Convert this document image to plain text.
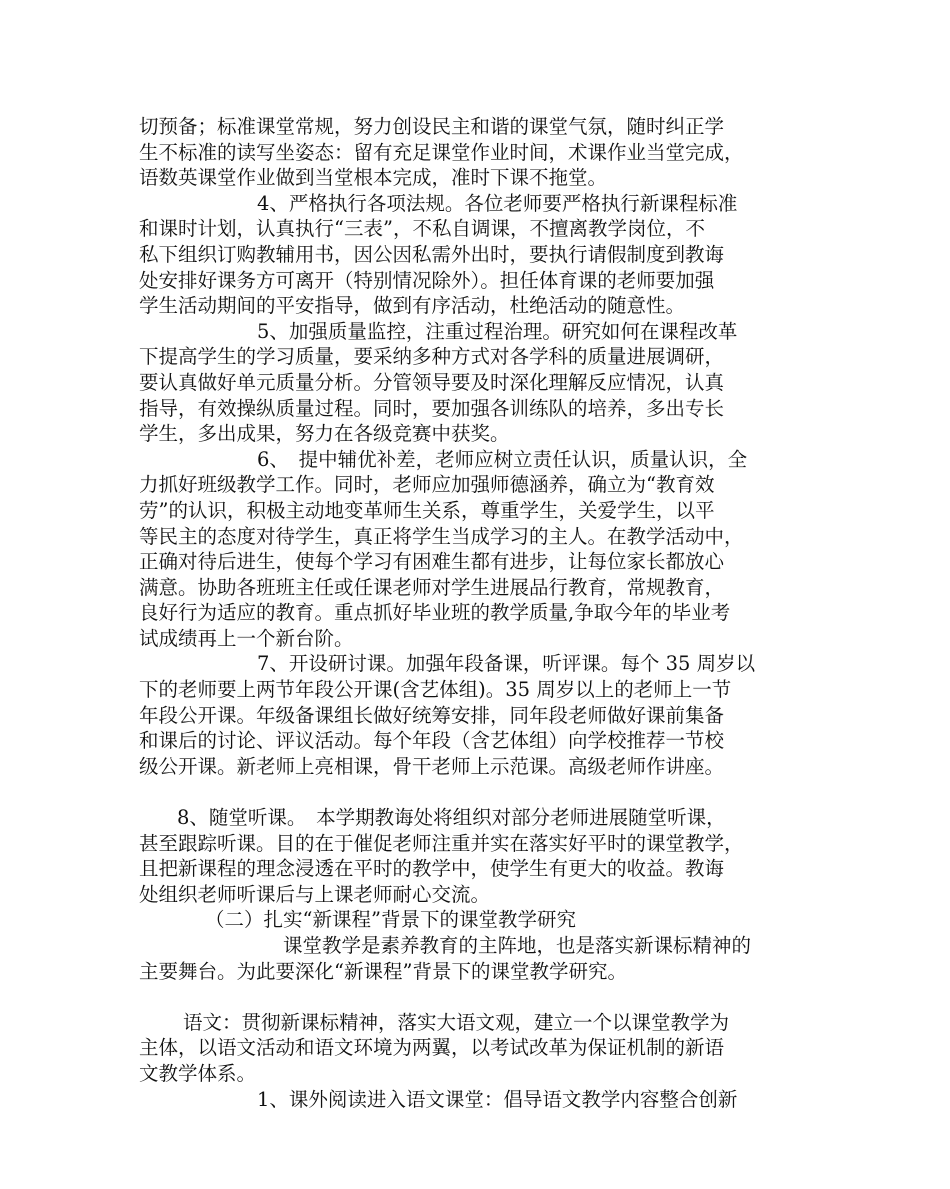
切预备；标准课堂常规，努力创设民主和谐的课堂气氛，随时纠正学
生不标准的读写坐姿态：留有充足课堂作业时间，术课作业当堂完成，
语数英课堂作业做到当堂根本完成，准时下课不拖堂。
4、严格执行各项法规。各位老师要严格执行新课程标准
和课时计划，认真执行“三表”，不私自调课，不擅离教学岗位，不
私下组织订购教辅用书，因公因私需外出时，要执行请假制度到教诲
处安排好课务方可离开（特别情况除外）。担任体育课的老师要加强
学生活动期间的平安指导，做到有序活动，杜绝活动的随意性。
5、加强质量监控，注重过程治理。研究如何在课程改革
下提高学生的学习质量，要采纳多种方式对各学科的质量进展调研，
要认真做好单元质量分析。分管领导要及时深化理解反应情况，认真
指导，有效操纵质量过程。同时，要加强各训练队的培养，多出专长
学生，多出成果，努力在各级竞赛中获奖。
6、　提中辅优补差，老师应树立责任认识，质量认识，全
力抓好班级教学工作。同时，老师应加强师德涵养，确立为“教育效
劳”的认识，积极主动地变革师生关系，尊重学生，关爱学生，以平
等民主的态度对待学生，真正将学生当成学习的主人。在教学活动中，
正确对待后进生，使每个学习有困难生都有进步，让每位家长都放心
满意。协助各班班主任或任课老师对学生进展品行教育，常规教育，
良好行为适应的教育。重点抓好毕业班的教学质量,争取今年的毕业考
试成绩再上一个新台阶。
7、开设研讨课。加强年段备课，听评课。每个 35 周岁以
下的老师要上两节年段公开课(含艺体组)。35 周岁以上的老师上一节
年段公开课。年级备课组长做好统筹安排，同年段老师做好课前集备
和课后的讨论、评议活动。每个年段（含艺体组）向学校推荐一节校
级公开课。新老师上亮相课，骨干老师上示范课。高级老师作讲座。
8、随堂听课。　本学期教诲处将组织对部分老师进展随堂听课，
甚至跟踪听课。目的在于催促老师注重并实在落实好平时的课堂教学，
且把新课程的理念浸透在平时的教学中，使学生有更大的收益。教诲
处组织老师听课后与上课老师耐心交流。
（二）扎实“新课程”背景下的课堂教学研究
课堂教学是素养教育的主阵地，也是落实新课标精神的
主要舞台。为此要深化“新课程”背景下的课堂教学研究。
语文：贯彻新课标精神，落实大语文观，建立一个以课堂教学为
主体，以语文活动和语文环境为两翼，以考试改革为保证机制的新语
文教学体系。
1、课外阅读进入语文课堂：倡导语文教学内容整合创新
